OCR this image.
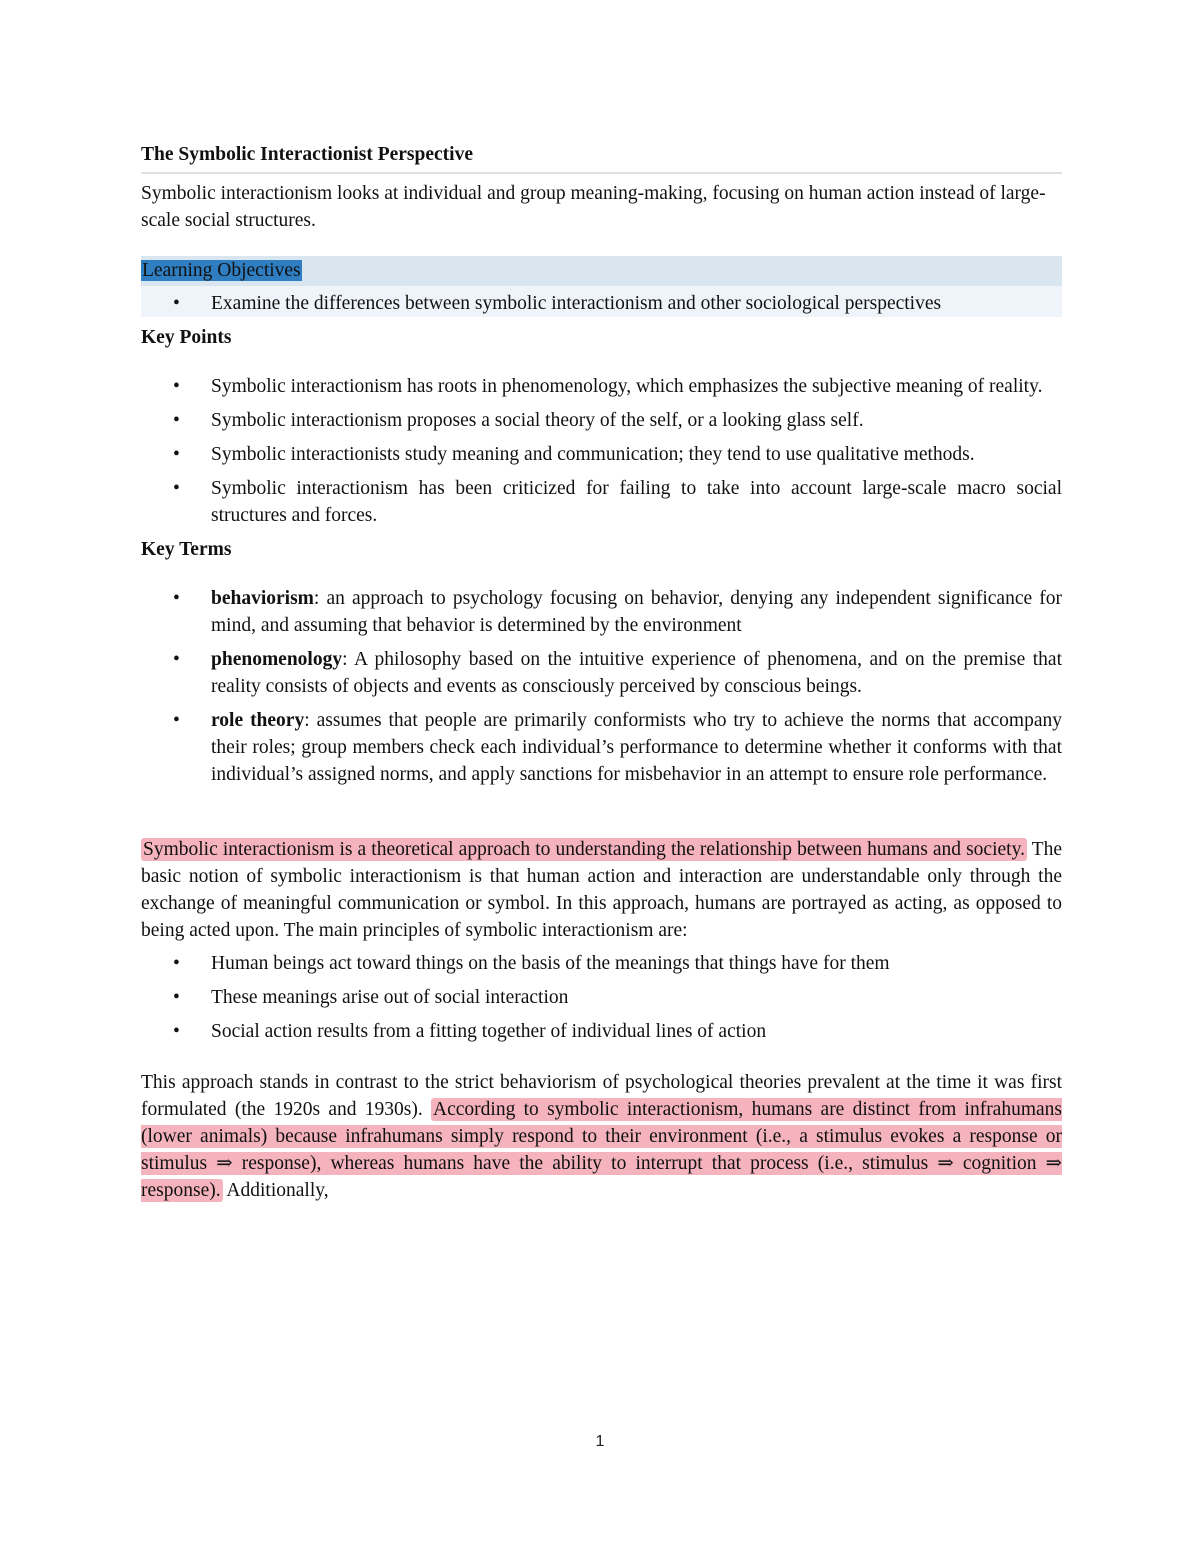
The Symbolic Interactionist Perspective

Symbolic interactionism looks at individual and group meaning-making, focusing on human action instead of large-scale social structures.

Learning Objectives
• Examine the differences between symbolic interactionism and other sociological perspectives
Key Points
• Symbolic interactionism has roots in phenomenology, which emphasizes the subjective meaning of reality.
• Symbolic interactionism proposes a social theory of the self, or a looking glass self.
• Symbolic interactionists study meaning and communication; they tend to use qualitative methods.
• Symbolic interactionism has been criticized for failing to take into account large-scale macro social structures and forces.
Key Terms
• behaviorism: an approach to psychology focusing on behavior, denying any independent significance for mind, and assuming that behavior is determined by the environment
• phenomenology: A philosophy based on the intuitive experience of phenomena, and on the premise that reality consists of objects and events as consciously perceived by conscious beings.
• role theory: assumes that people are primarily conformists who try to achieve the norms that accompany their roles; group members check each individual’s performance to determine whether it conforms with that individual’s assigned norms, and apply sanctions for misbehavior in an attempt to ensure role performance.

Symbolic interactionism is a theoretical approach to understanding the relationship between humans and society. The basic notion of symbolic interactionism is that human action and interaction are understandable only through the exchange of meaningful communication or symbol. In this approach, humans are portrayed as acting, as opposed to being acted upon. The main principles of symbolic interactionism are:

• Human beings act toward things on the basis of the meanings that things have for them
• These meanings arise out of social interaction
• Social action results from a fitting together of individual lines of action

This approach stands in contrast to the strict behaviorism of psychological theories prevalent at the time it was first formulated (the 1920s and 1930s). According to symbolic interactionism, humans are distinct from infrahumans (lower animals) because infrahumans simply respond to their environment (i.e., a stimulus evokes a response or stimulus ⇒ response), whereas humans have the ability to interrupt that process (i.e., stimulus ⇒ cognition ⇒ response). Additionally,

1
